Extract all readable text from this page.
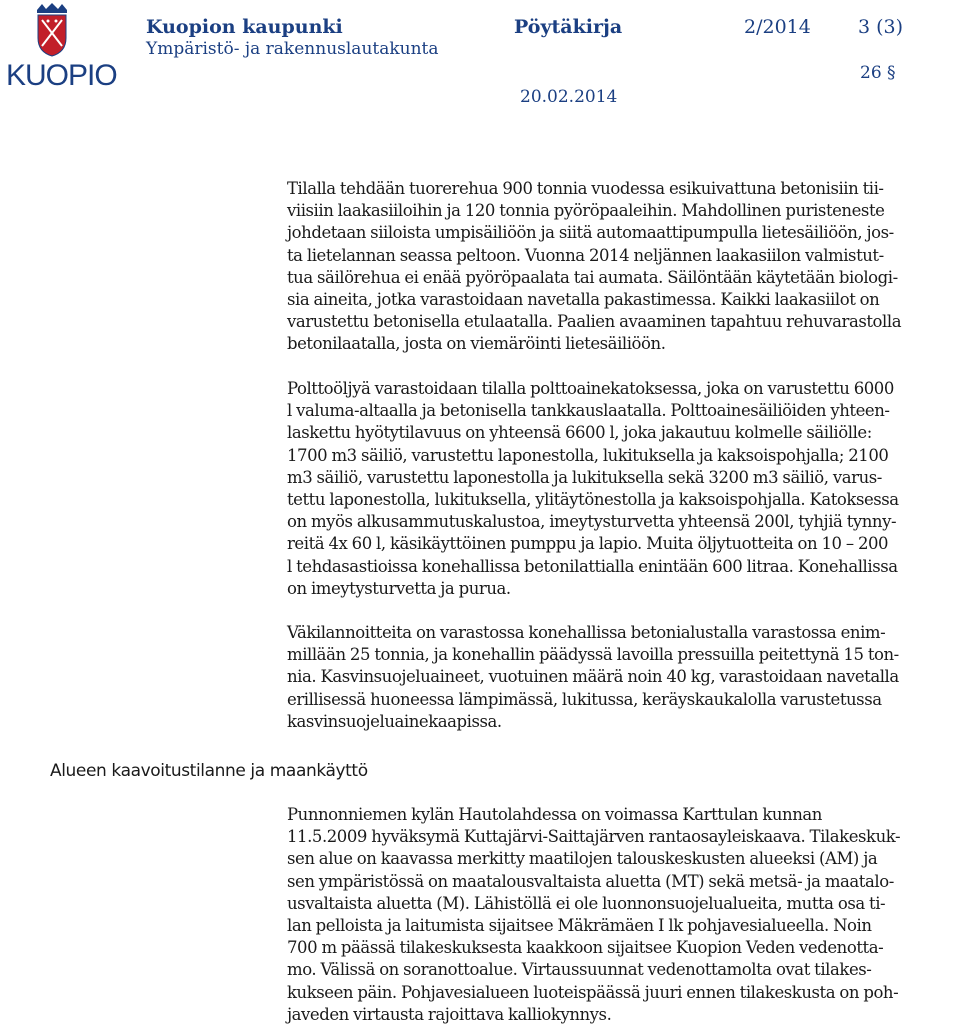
KUOPIO
Kuopion kaupunki
Ympäristö- ja rakennuslautakunta
Pöytäkirja	2/2014 3 (3)
26 §
20.02.2014
Alueen kaavoitustilanne ja maankäyttö
Tilalla tehdään tuorerehua 900 tonnia vuodessa esikuivattuna betonisiin tii-
viisiin laakasiiloihin ja 120 tonnia pyöröpaaleihin. Mahdollinen puristeneste
johdetaan siiloista umpisäiliöön ja siitä automaattipumpulla lietesäiliöön, jos-
ta lietelannan seassa peltoon. Vuonna 2014 neljännen laakasiilon valmistut-
tua säilörehua ei enää pyöröpaalata tai aumata. Säilöntään käytetään biologi-
sia aineita, jotka varastoidaan navetalla pakastimessa. Kaikki laakasiilot on
varustettu betonisella etulaatalla. Paalien avaaminen tapahtuu rehuvarastolla
betonilaatalla, josta on viemäröinti lietesäiliöön.
Polttoöljyä varastoidaan tilalla polttoainekatoksessa, joka on varustettu 6000
l valuma-altaalla ja betonisella tankkauslaatalla. Polttoainesäiliöiden yhteen-
laskettu hyötytilavuus on yhteensä 6600 l, joka jakautuu kolmelle säiliölle:
1700 m3 säiliö, varustettu laponestolla, lukituksella ja kaksoispohjalla; 2100
m3 säiliö, varustettu laponestolla ja lukituksella sekä 3200 m3 säiliö, varus-
tettu laponestolla, lukituksella, ylitäytönestolla ja kaksoispohjalla. Katoksessa
on myös alkusammutuskalustoa, imeytysturvetta yhteensä 200l, tyhjiä tynny-
reitä 4x 60 l, käsikäyttöinen pumppu ja lapio. Muita öljytuotteita on 10 – 200
l tehdasastioissa konehallissa betonilattialla enintään 600 litraa. Konehallissa
on imeytysturvetta ja purua.
Väkilannoitteita on varastossa konehallissa betonialustalla varastossa enim-
millään 25 tonnia, ja konehallin päädyssä lavoilla pressuilla peitettynä 15 ton-
nia. Kasvinsuojeluaineet, vuotuinen määrä noin 40 kg, varastoidaan navetalla
erillisessä huoneessa lämpimässä, lukitussa, keräyskaukalolla varustetussa
kasvinsuojeluainekaapissa.
Punnonniemen kylän Hautolahdessa on voimassa Karttulan kunnan
11.5.2009 hyväksymä Kuttajärvi-Saittajärven rantaosayleiskaava. Tilakeskuk-
sen alue on kaavassa merkitty maatilojen talouskeskusten alueeksi (AM) ja
sen ympäristössä on maatalousvaltaista aluetta (MT) sekä metsä- ja maatalo-
usvaltaista aluetta (M). Lähistöllä ei ole luonnonsuojelualueita, mutta osa ti-
lan pelloista ja laitumista sijaitsee Mäkrämäen I lk pohjavesialueella. Noin
700 m päässä tilakeskuksesta kaakkoon sijaitsee Kuopion Veden vedenotta-
mo. Välissä on soranottoalue. Virtaussuunnat vedenottamolta ovat tilakes-
kukseen päin. Pohjavesialueen luoteispäässä juuri ennen tilakeskusta on poh-
javeden virtausta rajoittava kalliokynnys.
